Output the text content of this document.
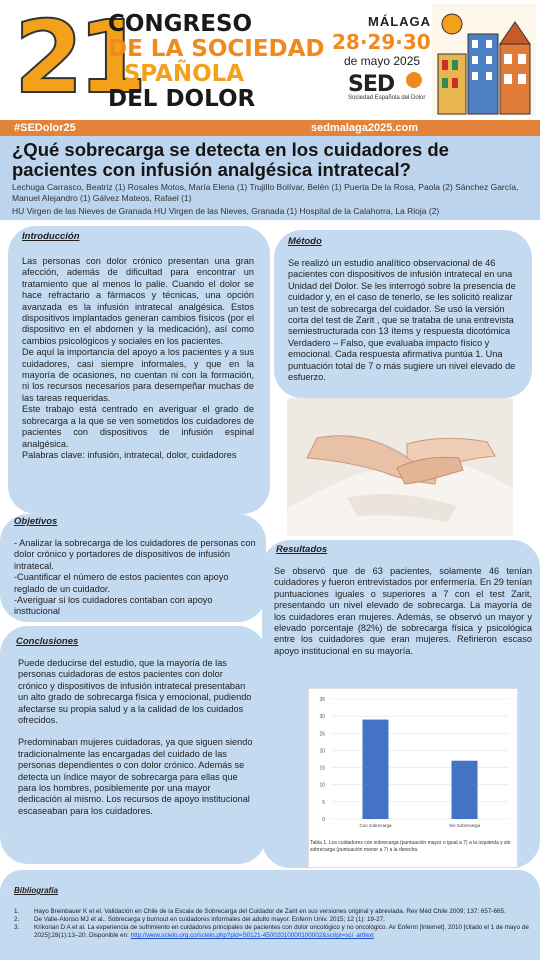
21
CONGRESO
DE LA SOCIEDAD
ESPAÑOLA
DEL DOLOR
MÁLAGA
28·29·30
de mayo 2025
SED
Sociedad Española del Dolor
#SEDolor25	sedmalaga2025.com
¿Qué sobrecarga se detecta en los cuidadores de pacientes con infusión analgésica intratecal?
Lechuga Carrasco, Beatriz (1) Rosales Motos, María Elena (1) Trujillo Bolívar, Belén (1) Puerta De la Rosa, Paola (2) Sánchez García, Manuel Alejandro (1) Gálvez Mateos, Rafael (1)
HU Virgen de las Nieves de Granada HU Virgen de las Nieves, Granada (1) Hospital de la Calahorra, La Rioja (2)
Introducción
Las personas con dolor crónico presentan una gran afección, además de dificultad para encontrar un tratamiento que al menos lo palie. Cuando el dolor se hace refractario a fármacos y técnicas, una opción avanzada es la infusión intratecal analgésica. Estos dispositivos implantados generan cambios físicos (por el dispositivo en el abdomen y la medicación), así como cambios psicológicos y sociales en los pacientes.
De aquí la importancia del apoyo a los pacientes y a sus cuidadores, casi siempre informales, y que en la mayoría de ocasiones, no cuentan ni con la formación, ni los recursos necesarios para desempeñar muchas de las tareas requeridas.
Este trabajo está centrado en averiguar el grado de sobrecarga a la que se ven sometidos los cuidadores de pacientes con dispositivos de infusión espinal analgésica.
Palabras clave: infusión, intratecal, dolor, cuidadores
Método
Se realizó un estudio analítico observacional de 46 pacientes con dispositivos de infusión intratecal en una Unidad del Dolor. Se les interrogó sobre la presencia de cuidador y, en el caso de tenerlo, se les solicitó realizar un test de sobrecarga del cuidador. Se usó la versión corta del test de Zarit , que se trataba de una entrevista semiestructurada con 13 ítems y respuesta dicotómica Verdadero – Falso, que evaluaba impacto físico y emocional. Cada respuesta afirmativa puntúa 1. Una puntuación total de 7 o más sugiere un nivel elevado de esfuerzo.
Objetivos
- Analizar la sobrecarga de los cuidadores de personas con dolor crónico y portadores de dispositivos de infusión intratecal.
-Cuantificar el número de estos pacientes con apoyo reglado de un cuidador.
-Averiguar si los cuidadores contaban con apoyo insttucional
Resultados
Se observó que de 63 pacientes, solamente 46 tenían cuidadores y fueron entrevistados por enfermería. En 29 tenían puntuaciones iguales o superiores a 7 con el test Zarit, presentando un nivel elevado de sobrecarga. La mayoría de los cuidadores eran mujeres. Además, se observó un mayor y elevado porcentaje (82%) de sobrecarga física y psicológica entre los cuidadores que eran mujeres. Refirieron escaso apoyo institucional en su mayoría.
0
5
10
15
20
25
30
35
Con sobrecarga	Sin Sobrecarga
Tabla 1. Los cuidadores con sobrecarga (puntuación mayor o igual a 7) a la izquierda y sin sobrecarga (puntuación menor a 7) a la derecha.
Conclusiones
Puede deducirse del estudio, que la mayoría de las personas cuidadoras de estos pacientes con dolor crónico y dispositivos de infusión intratecal presentaban un alto grado de sobrecarga física y emocional, pudiendo afectarse su propia salud y a la calidad de los cuidados ofrecidos.
Predominaban mujeres cuidadoras, ya que siguen siendo tradicionalmente las encargadas del cuidado de las personas dependientes o con dolor crónico. Además se detecta un índice mayor de sobrecarga para ellas que para los hombres, posiblemente por una mayor dedicación al mismo. Los recursos de apoyo institucional escaseaban para los cuidadores.
Bibliografía
1.	Hayo Breinbauer K et el. Validación en Chile de la Escala de Sobrecarga del Cuidador de Zarit en sus versiones original y abreviada. Rev Méd Chile 2009; 137: 657-665.
2.	De Valle-Alonso MJ et al.. Sobrecarga y burnout en cuidadores informales del adulto mayor. Enferm Univ. 2015; 12 (1): 19-27.
3.	Krikorian D A et al. La experiencia de sufrimiento en cuidadores principales de pacientes con dolor oncológico y no oncológico. Av Enferm [Internet]. 2010 [citado el 1 de mayo de 2025];28(1):13–20. Disponible en: http://www.scielo.org.co/scielo.php?pid=S0121-45002010000100002&script=sci_arttext
